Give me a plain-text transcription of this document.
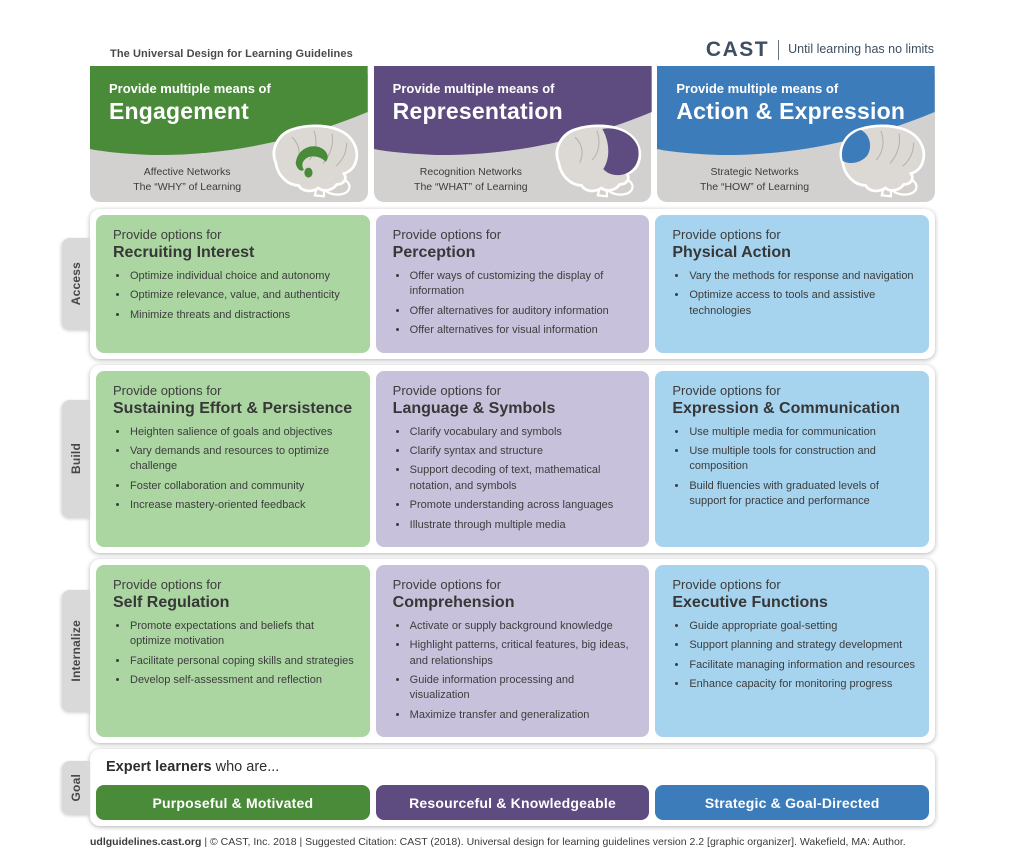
The Universal Design for Learning Guidelines	CAST Until learning has no limits
Provide multiple means of
Engagement
Affective Networks
The “WHY” of Learning
Provide multiple means of
Representation
Recognition Networks
The “WHAT” of Learning
Provide multiple means of
Action & Expression
Strategic Networks
The “HOW” of Learning
Access
Provide options for
Recruiting Interest
• Optimize individual choice and autonomy
• Optimize relevance, value, and authenticity
• Minimize threats and distractions
Provide options for
Perception
• Offer ways of customizing the display of information
• Offer alternatives for auditory information
• Offer alternatives for visual information
Provide options for
Physical Action
• Vary the methods for response and navigation
• Optimize access to tools and assistive technologies
Build
Provide options for
Sustaining Effort & Persistence
• Heighten salience of goals and objectives
• Vary demands and resources to optimize challenge
• Foster collaboration and community
• Increase mastery-oriented feedback
Provide options for
Language & Symbols
• Clarify vocabulary and symbols
• Clarify syntax and structure
• Support decoding of text, mathematical notation, and symbols
• Promote understanding across languages
• Illustrate through multiple media
Provide options for
Expression & Communication
• Use multiple media for communication
• Use multiple tools for construction and composition
• Build fluencies with graduated levels of support for practice and performance
Internalize
Provide options for
Self Regulation
• Promote expectations and beliefs that optimize motivation
• Facilitate personal coping skills and strategies
• Develop self-assessment and reflection
Provide options for
Comprehension
• Activate or supply background knowledge
• Highlight patterns, critical features, big ideas, and relationships
• Guide information processing and visualization
• Maximize transfer and generalization
Provide options for
Executive Functions
• Guide appropriate goal-setting
• Support planning and strategy development
• Facilitate managing information and resources
• Enhance capacity for monitoring progress
Goal
Expert learners who are...
Purposeful & Motivated	Resourceful & Knowledgeable	Strategic & Goal-Directed
udlguidelines.cast.org | © CAST, Inc. 2018 | Suggested Citation: CAST (2018). Universal design for learning guidelines version 2.2 [graphic organizer]. Wakefield, MA: Author.
